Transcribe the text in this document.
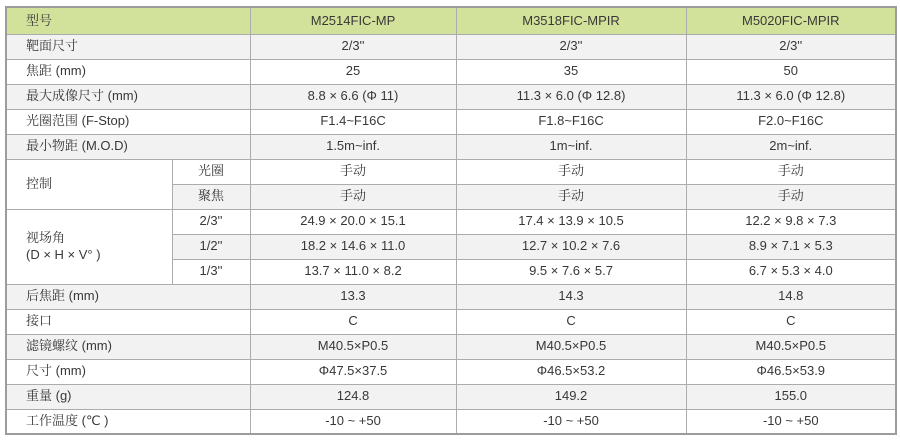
型号		M2514FIC-MP	M3518FIC-MPIR	M5020FIC-MPIR
靶面尺寸		2/3''	2/3''	2/3''
焦距 (mm)		25	35	50
最大成像尺寸 (mm)		8.8 × 6.6 (Φ 11)	11.3 × 6.0 (Φ 12.8)	11.3 × 6.0 (Φ 12.8)
光圈范围 (F-Stop)		F1.4~F16C	F1.8~F16C	F2.0~F16C
最小物距 (M.O.D)		1.5m~inf.	1m~inf.	2m~inf.
控制	光圈	手动	手动	手动
	聚焦	手动	手动	手动

视场角
(D × H × V° )	2/3''	24.9 × 20.0 × 15.1	17.4 × 13.9 × 10.5	12.2 × 9.8 × 7.3
	1/2''	18.2 × 14.6 × 11.0	12.7 × 10.2 × 7.6	8.9 × 7.1 × 5.3
	1/3''	13.7 × 11.0 × 8.2	9.5 × 7.6 × 5.7	6.7 × 5.3 × 4.0
后焦距 (mm)		13.3	14.3	14.8
接口		C	C	C
滤镜螺纹 (mm)		M40.5×P0.5	M40.5×P0.5	M40.5×P0.5
尺寸 (mm)		Φ47.5×37.5	Φ46.5×53.2	Φ46.5×53.9
重量 (g)		124.8	149.2	155.0
工作温度 (℃ )		-10 ~ +50	-10 ~ +50	-10 ~ +50
